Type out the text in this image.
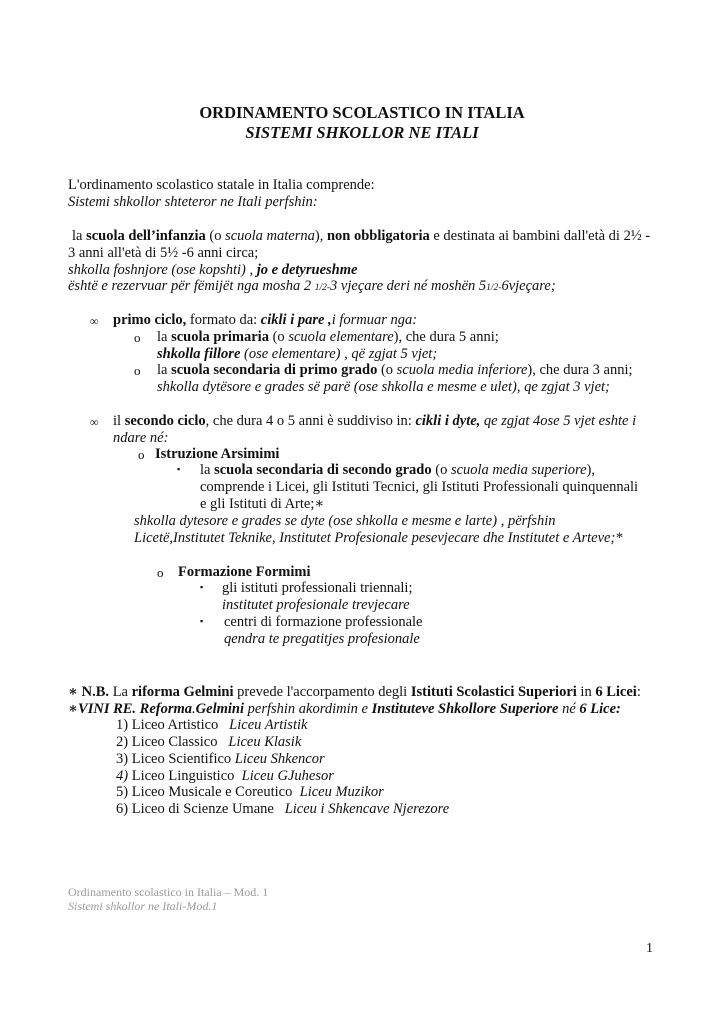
ORDINAMENTO SCOLASTICO IN ITALIA
SISTEMI SHKOLLOR NE ITALI
L'ordinamento scolastico statale in Italia comprende:
Sistemi shkollor shteteror ne Itali perfshin:
la scuola dell’infanzia (o scuola materna), non obbligatoria e destinata ai bambini dall'età di 2½ -
3 anni all'età di 5½ -6 anni circa;
shkolla foshnjore (ose kopshti) , jo e detyrueshme
është e rezervuar për fëmijët nga mosha 2 1/2-3 vjeçare deri né moshën 51/2-6vjeçare;
∞ primo ciclo, formato da: cikli i pare ,i formuar nga:
o la scuola primaria (o scuola elementare), che dura 5 anni;
shkolla fillore (ose elementare) , që zgjat 5 vjet;
o la scuola secondaria di primo grado (o scuola media inferiore), che dura 3 anni;
shkolla dytësore e grades së parë (ose shkolla e mesme e ulet), qe zgjat 3 vjet;
∞ il secondo ciclo, che dura 4 o 5 anni è suddiviso in: cikli i dyte, qe zgjat 4ose 5 vjet eshte i
ndare né:
o Istruzione Arsimimi
▪ la scuola secondaria di secondo grado (o scuola media superiore),
comprende i Licei, gli Istituti Tecnici, gli Istituti Professionali quinquennali
e gli Istituti di Arte;∗
shkolla dytesore e grades se dyte (ose shkolla e mesme e larte) , përfshin
Licetë,Institutet Teknike, Institutet Profesionale pesevjecare dhe Institutet e Arteve;*
o Formazione Formimi
▪ gli istituti professionali triennali;
institutet profesionale trevjecare
▪ centri di formazione professionale
qendra te pregatitjes profesionale
∗ N.B. La riforma Gelmini prevede l'accorpamento degli Istituti Scolastici Superiori in 6 Licei:
∗VINI RE. Reforma.Gelmini perfshin akordimin e Instituteve Shkollore Superiore né 6 Lice:
1) Liceo Artistico Liceu Artistik
2) Liceo Classico Liceu Klasik
3) Liceo Scientifico Liceu Shkencor
4) Liceo Linguistico Liceu GJuhesor
5) Liceo Musicale e Coreutico Liceu Muzikor
6) Liceo di Scienze Umane Liceu i Shkencave Njerezore
Ordinamento scolastico in Italia – Mod. 1
Sistemi shkollor ne Itali-Mod.1
1
